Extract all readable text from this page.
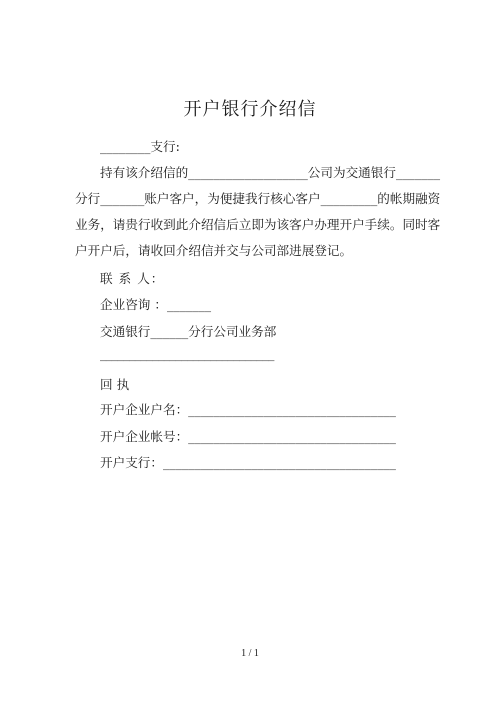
开户银行介绍信
________支行:
持有该介绍信的___________________公司为交通银行_______
分行_______账户客户，为便捷我行核心客户_________的帐期融资
业务，请贵行收到此介绍信后立即为该客户办理开户手续。同时客
户开户后，请收回介绍信并交与公司部进展登记。
联 系 人：
企业咨询 ：_______
交通银行______分行公司业务部
______________________________
回 执
开户企业户名：_________________________________
开户企业帐号：_________________________________
开户支行：_____________________________________
1 / 1
